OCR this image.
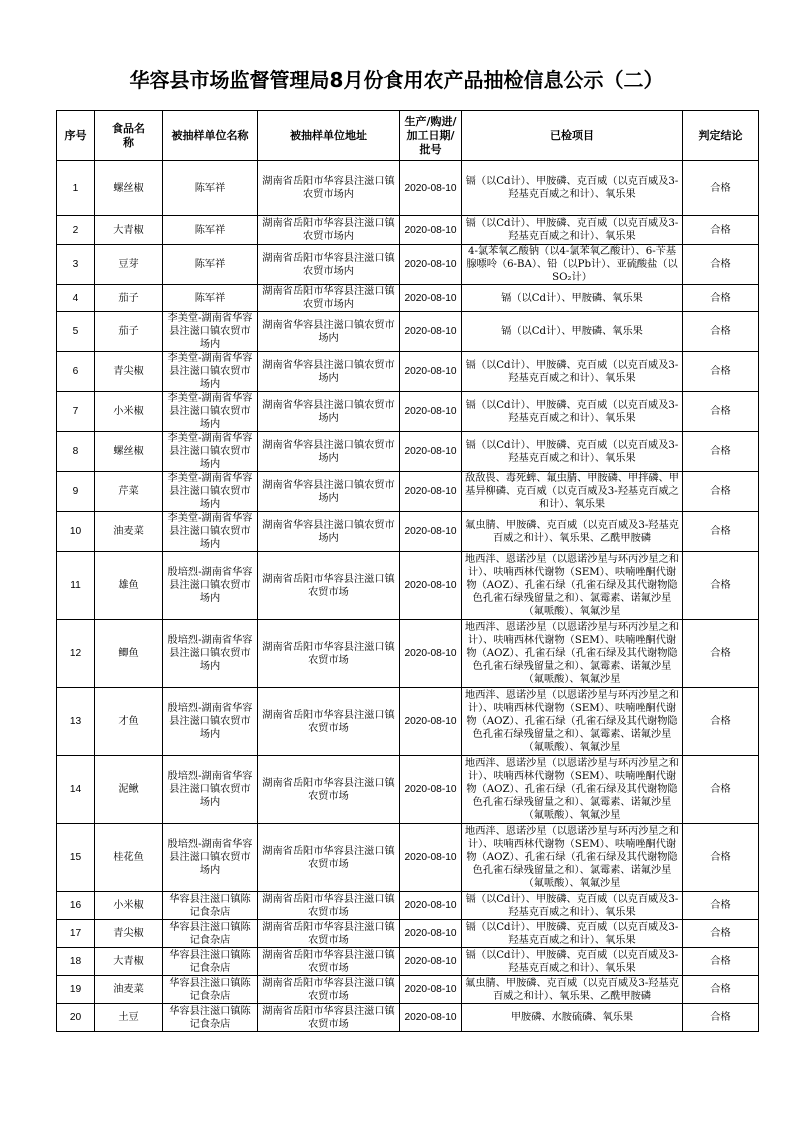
华容县市场监督管理局8月份食用农产品抽检信息公示（二）
序号	食品名称	被抽样单位名称	被抽样单位地址	生产/购进/加工日期/批号	已检项目	判定结论
1	螺丝椒	陈军祥	湖南省岳阳市华容县注滋口镇农贸市场内	2020-08-10	镉（以Cd计）、甲胺磷、克百威（以克百威及3-羟基克百威之和计）、氧乐果	合格
2	大青椒	陈军祥	湖南省岳阳市华容县注滋口镇农贸市场内	2020-08-10	镉（以Cd计）、甲胺磷、克百威（以克百威及3-羟基克百威之和计）、氧乐果	合格
3	豆芽	陈军祥	湖南省岳阳市华容县注滋口镇农贸市场内	2020-08-10	4-氯苯氧乙酸钠（以4-氯苯氧乙酸计）、6-苄基腺嘌呤（6-BA）、铅（以Pb计）、亚硫酸盐（以SO₂计）	合格
4	茄子	陈军祥	湖南省岳阳市华容县注滋口镇农贸市场内	2020-08-10	镉（以Cd计）、甲胺磷、氧乐果	合格
5	茄子	李美堂-湖南省华容县注滋口镇农贸市场内	湖南省华容县注滋口镇农贸市场内	2020-08-10	镉（以Cd计）、甲胺磷、氧乐果	合格
6	青尖椒	李美堂-湖南省华容县注滋口镇农贸市场内	湖南省华容县注滋口镇农贸市场内	2020-08-10	镉（以Cd计）、甲胺磷、克百威（以克百威及3-羟基克百威之和计）、氧乐果	合格
7	小米椒	李美堂-湖南省华容县注滋口镇农贸市场内	湖南省华容县注滋口镇农贸市场内	2020-08-10	镉（以Cd计）、甲胺磷、克百威（以克百威及3-羟基克百威之和计）、氧乐果	合格
8	螺丝椒	李美堂-湖南省华容县注滋口镇农贸市场内	湖南省华容县注滋口镇农贸市场内	2020-08-10	镉（以Cd计）、甲胺磷、克百威（以克百威及3-羟基克百威之和计）、氧乐果	合格
9	芹菜	李美堂-湖南省华容县注滋口镇农贸市场内	湖南省华容县注滋口镇农贸市场内	2020-08-10	敌敌畏、毒死蜱、氟虫腈、甲胺磷、甲拌磷、甲基异柳磷、克百威（以克百威及3-羟基克百威之和计）、氧乐果	合格
10	油麦菜	李美堂-湖南省华容县注滋口镇农贸市场内	湖南省华容县注滋口镇农贸市场内	2020-08-10	氟虫腈、甲胺磷、克百威（以克百威及3-羟基克百威之和计）、氧乐果、乙酰甲胺磷	合格
11	雄鱼	殷培烈-湖南省华容县注滋口镇农贸市场内	湖南省岳阳市华容县注滋口镇农贸市场	2020-08-10	地西泮、恩诺沙星（以恩诺沙星与环丙沙星之和计）、呋喃西林代谢物（SEM）、呋喃唑酮代谢物（AOZ）、孔雀石绿（孔雀石绿及其代谢物隐色孔雀石绿残留量之和）、氯霉素、诺氟沙星（氟哌酸）、氧氟沙星	合格
12	鲫鱼	殷培烈-湖南省华容县注滋口镇农贸市场内	湖南省岳阳市华容县注滋口镇农贸市场	2020-08-10	地西泮、恩诺沙星（以恩诺沙星与环丙沙星之和计）、呋喃西林代谢物（SEM）、呋喃唑酮代谢物（AOZ）、孔雀石绿（孔雀石绿及其代谢物隐色孔雀石绿残留量之和）、氯霉素、诺氟沙星（氟哌酸）、氧氟沙星	合格
13	才鱼	殷培烈-湖南省华容县注滋口镇农贸市场内	湖南省岳阳市华容县注滋口镇农贸市场	2020-08-10	地西泮、恩诺沙星（以恩诺沙星与环丙沙星之和计）、呋喃西林代谢物（SEM）、呋喃唑酮代谢物（AOZ）、孔雀石绿（孔雀石绿及其代谢物隐色孔雀石绿残留量之和）、氯霉素、诺氟沙星（氟哌酸）、氧氟沙星	合格
14	泥鳅	殷培烈-湖南省华容县注滋口镇农贸市场内	湖南省岳阳市华容县注滋口镇农贸市场	2020-08-10	地西泮、恩诺沙星（以恩诺沙星与环丙沙星之和计）、呋喃西林代谢物（SEM）、呋喃唑酮代谢物（AOZ）、孔雀石绿（孔雀石绿及其代谢物隐色孔雀石绿残留量之和）、氯霉素、诺氟沙星（氟哌酸）、氧氟沙星	合格
15	桂花鱼	殷培烈-湖南省华容县注滋口镇农贸市场内	湖南省岳阳市华容县注滋口镇农贸市场	2020-08-10	地西泮、恩诺沙星（以恩诺沙星与环丙沙星之和计）、呋喃西林代谢物（SEM）、呋喃唑酮代谢物（AOZ）、孔雀石绿（孔雀石绿及其代谢物隐色孔雀石绿残留量之和）、氯霉素、诺氟沙星（氟哌酸）、氧氟沙星	合格
16	小米椒	华容县注滋口镇陈记食杂店	湖南省岳阳市华容县注滋口镇农贸市场	2020-08-10	镉（以Cd计）、甲胺磷、克百威（以克百威及3-羟基克百威之和计）、氧乐果	合格
17	青尖椒	华容县注滋口镇陈记食杂店	湖南省岳阳市华容县注滋口镇农贸市场	2020-08-10	镉（以Cd计）、甲胺磷、克百威（以克百威及3-羟基克百威之和计）、氧乐果	合格
18	大青椒	华容县注滋口镇陈记食杂店	湖南省岳阳市华容县注滋口镇农贸市场	2020-08-10	镉（以Cd计）、甲胺磷、克百威（以克百威及3-羟基克百威之和计）、氧乐果	合格
19	油麦菜	华容县注滋口镇陈记食杂店	湖南省岳阳市华容县注滋口镇农贸市场	2020-08-10	氟虫腈、甲胺磷、克百威（以克百威及3-羟基克百威之和计）、氧乐果、乙酰甲胺磷	合格
20	土豆	华容县注滋口镇陈记食杂店	湖南省岳阳市华容县注滋口镇农贸市场	2020-08-10	甲胺磷、水胺硫磷、氧乐果	合格
